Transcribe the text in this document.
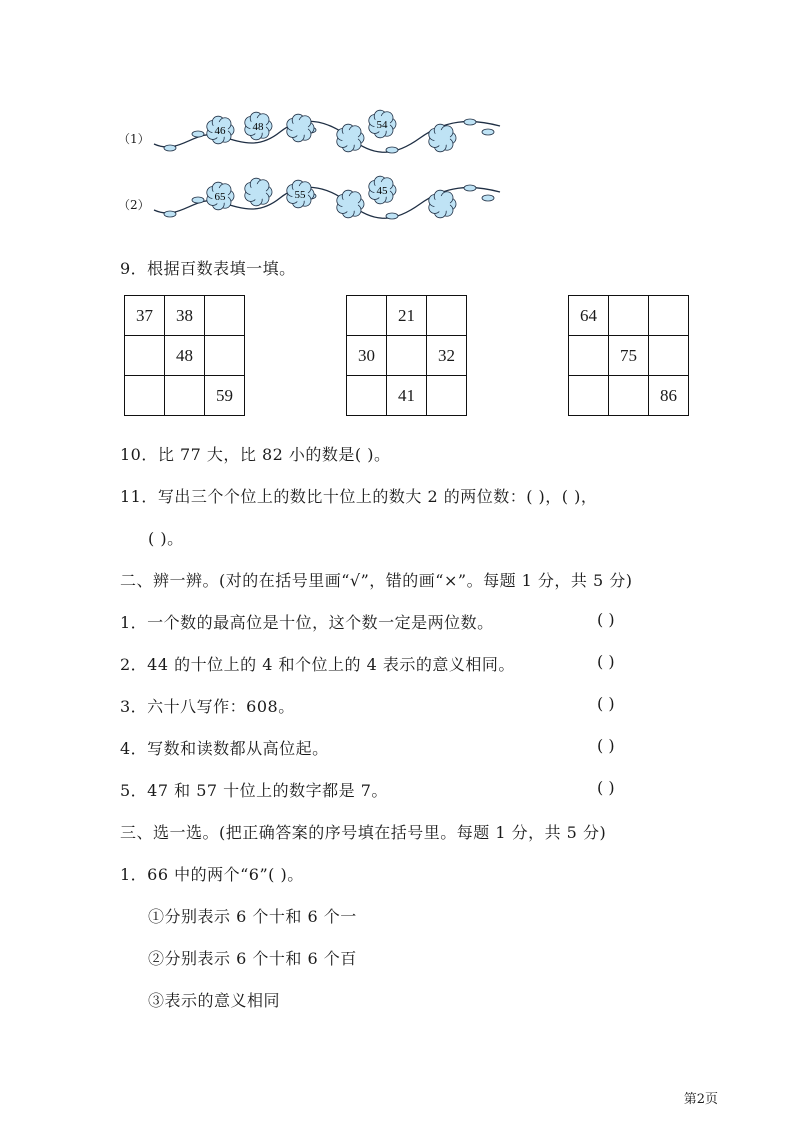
（1）
46 48	54
（2）
65	55	45
9．根据百数表填一填。
37	38	
	48	
		59
	21	
30		32
	41	
64		
	75	
		86
10．比 77 大，比 82 小的数是( )。
11．写出三个个位上的数比十位上的数大 2 的两位数：( )，( )，
( )。
二、辨一辨。(对的在括号里画“√”，错的画“×”。每题 1 分，共 5 分)
1．一个数的最高位是十位，这个数一定是两位数。	( )
2．44 的十位上的 4 和个位上的 4 表示的意义相同。	( )
3．六十八写作：608。	( )
4．写数和读数都从高位起。	( )
5．47 和 57 十位上的数字都是 7。	( )
三、选一选。(把正确答案的序号填在括号里。每题 1 分，共 5 分)
1．66 中的两个“6”( )。
①分别表示 6 个十和 6 个一
②分别表示 6 个十和 6 个百
③表示的意义相同
第2页
